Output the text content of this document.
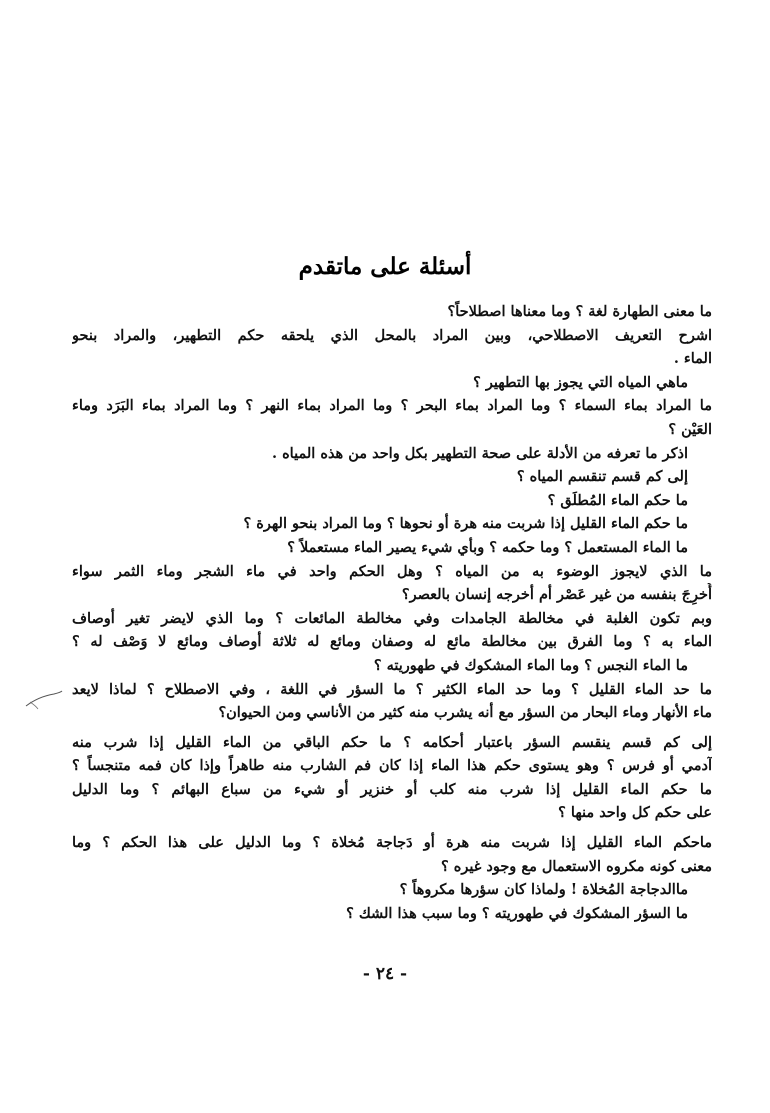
أسئلة على ماتقدم
ما معنى الطهارة لغة ؟ وما معناها اصطلاحاً؟
اشرح التعريف الاصطلاحي، وبين المراد بالمحل الذي يلحقه حكم التطهير، والمراد بنحو
الماء .
ماهي المياه التي يجوز بها التطهير ؟
ما المراد بماء السماء ؟ وما المراد بماء البحر ؟ وما المراد بماء النهر ؟ وما المراد بماء البَرَد وماء
العَيْن ؟
اذكر ما تعرفه من الأدلة على صحة التطهير بكل واحد من هذه المياه .
إلى كم قسم تنقسم المياه ؟
ما حكم الماء المُطلَق ؟
ما حكم الماء القليل إذا شربت منه هرة أو نحوها ؟ وما المراد بنحو الهرة ؟
ما الماء المستعمل ؟ وما حكمه ؟ وبأي شيء يصير الماء مستعملاً ؟
ما الذي لايجوز الوضوء به من المياه ؟ وهل الحكم واحد في ماء الشجر وماء الثمر سواء
أُخرِجَ بنفسه من غير عَصْر أم أخرجه إنسان بالعصر؟
وبم تكون الغلبة في مخالطة الجامدات وفي مخالطة المائعات ؟ وما الذي لايضر تغير أوصاف
الماء به ؟ وما الفرق بين مخالطة مائع له وصفان ومائع له ثلاثة أوصاف ومائع لا وَصْف له ؟
ما الماء النجس ؟ وما الماء المشكوك في طهوريته ؟
ما حد الماء القليل ؟ وما حد الماء الكثير ؟ ما السؤر في اللغة ، وفي الاصطلاح ؟ لماذا لايعد
ماء الأنهار وماء البحار من السؤر مع أنه يشرب منه كثير من الأناسي ومن الحيوان؟
إلى كم قسم ينقسم السؤر باعتبار أحكامه ؟ ما حكم الباقي من الماء القليل إذا شرب منه
آدمي أو فرس ؟ وهو يستوى حكم هذا الماء إذا كان فم الشارب منه طاهراً وإذا كان فمه متنجساً ؟
ما حكم الماء القليل إذا شرب منه كلب أو خنزير أو شيء من سباع البهائم ؟ وما الدليل
على حكم كل واحد منها ؟
ماحكم الماء القليل إذا شربت منه هرة أو دَجاجة مُخلاة ؟ وما الدليل على هذا الحكم ؟ وما
معنى كونه مكروه الاستعمال مع وجود غيره ؟
ماالدجاجة المُخلاة ! ولماذا كان سؤرها مكروهاً ؟
ما السؤر المشكوك في طهوريته ؟ وما سبب هذا الشك ؟
- ٢٤ -
